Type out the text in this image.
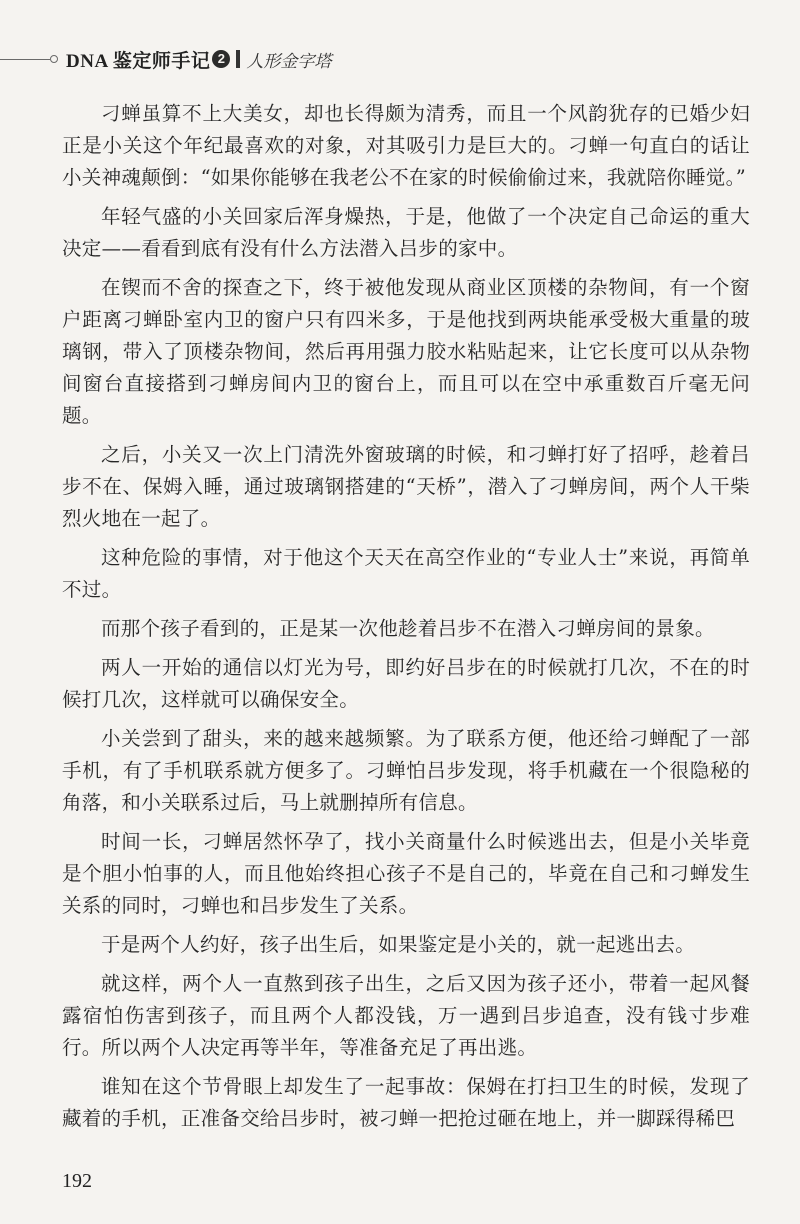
DNA 鉴定师手记 2	人形金字塔

刁蝉虽算不上大美女，却也长得颇为清秀，而且一个风韵犹存的已婚少妇正是小关这个年纪最喜欢的对象，对其吸引力是巨大的。刁蝉一句直白的话让小关神魂颠倒：“如果你能够在我老公不在家的时候偷偷过来，我就陪你睡觉。”

年轻气盛的小关回家后浑身燥热，于是，他做了一个决定自己命运的重大决定——看看到底有没有什么方法潜入吕步的家中。

在锲而不舍的探查之下，终于被他发现从商业区顶楼的杂物间，有一个窗户距离刁蝉卧室内卫的窗户只有四米多，于是他找到两块能承受极大重量的玻璃钢，带入了顶楼杂物间，然后再用强力胶水粘贴起来，让它长度可以从杂物间窗台直接搭到刁蝉房间内卫的窗台上，而且可以在空中承重数百斤毫无问题。

之后，小关又一次上门清洗外窗玻璃的时候，和刁蝉打好了招呼，趁着吕步不在、保姆入睡，通过玻璃钢搭建的“天桥”，潜入了刁蝉房间，两个人干柴烈火地在一起了。

这种危险的事情，对于他这个天天在高空作业的“专业人士”来说，再简单不过。

而那个孩子看到的，正是某一次他趁着吕步不在潜入刁蝉房间的景象。

两人一开始的通信以灯光为号，即约好吕步在的时候就打几次，不在的时候打几次，这样就可以确保安全。

小关尝到了甜头，来的越来越频繁。为了联系方便，他还给刁蝉配了一部手机，有了手机联系就方便多了。刁蝉怕吕步发现，将手机藏在一个很隐秘的角落，和小关联系过后，马上就删掉所有信息。

时间一长，刁蝉居然怀孕了，找小关商量什么时候逃出去，但是小关毕竟是个胆小怕事的人，而且他始终担心孩子不是自己的，毕竟在自己和刁蝉发生关系的同时，刁蝉也和吕步发生了关系。

于是两个人约好，孩子出生后，如果鉴定是小关的，就一起逃出去。

就这样，两个人一直熬到孩子出生，之后又因为孩子还小，带着一起风餐露宿怕伤害到孩子，而且两个人都没钱，万一遇到吕步追查，没有钱寸步难行。所以两个人决定再等半年，等准备充足了再出逃。

谁知在这个节骨眼上却发生了一起事故：保姆在打扫卫生的时候，发现了藏着的手机，正准备交给吕步时，被刁蝉一把抢过砸在地上，并一脚踩得稀巴

192
